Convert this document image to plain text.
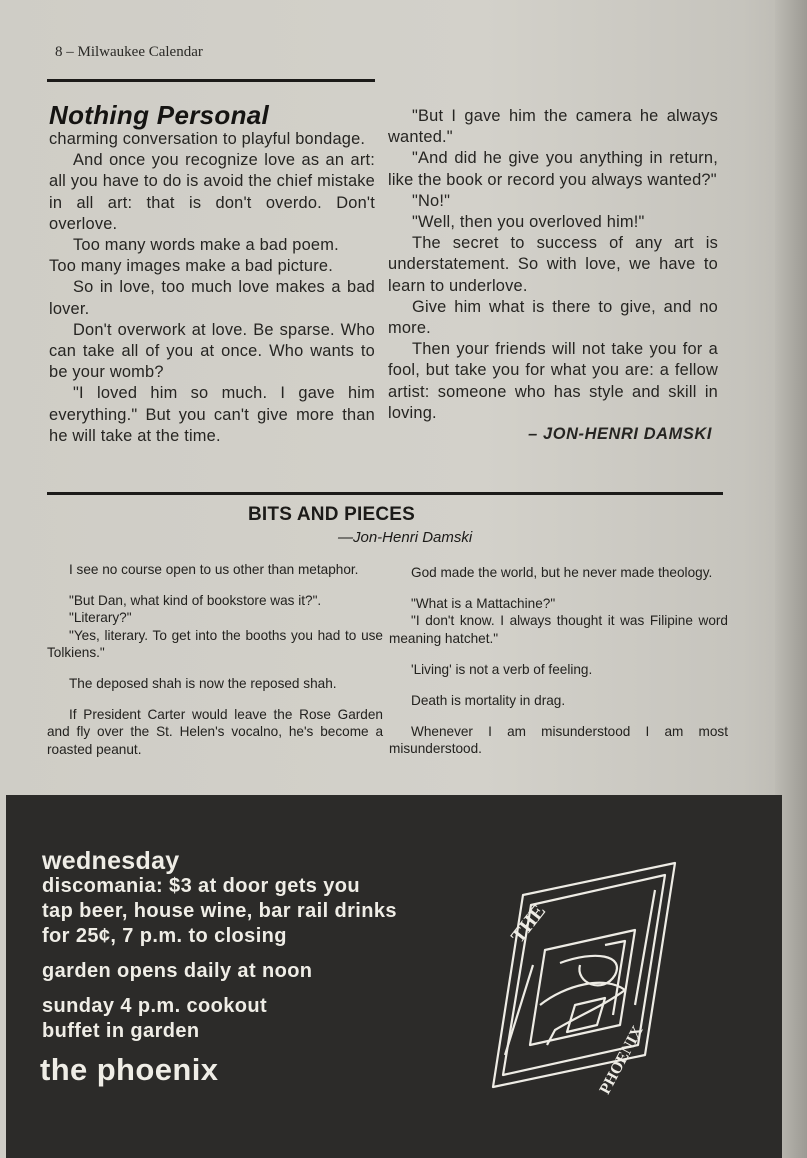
8 – Milwaukee Calendar
Nothing Personal

charming conversation to playful bondage.

And once you recognize love as an art: all you have to do is avoid the chief mistake in all art: that is don't overdo. Don't overlove.

Too many words make a bad poem.

Too many images make a bad picture.

So in love, too much love makes a bad lover.

Don't overwork at love. Be sparse. Who can take all of you at once. Who wants to be your womb?

"I loved him so much. I gave him everything." But you can't give more than he will take at the time.

"But I gave him the camera he always wanted."

"And did he give you anything in return, like the book or record you always wanted?"

"No!"

"Well, then you overloved him!"

The secret to success of any art is understatement. So with love, we have to learn to underlove.

Give him what is there to give, and no more.

Then your friends will not take you for a fool, but take you for what you are: a fellow artist: someone who has style and skill in loving.

– JON-HENRI DAMSKI

BITS AND PIECES
—Jon-Henri Damski

I see no course open to us other than metaphor.

"But Dan, what kind of bookstore was it?".

"Literary?"

"Yes, literary. To get into the booths you had to use Tolkiens."

The deposed shah is now the reposed shah.

If President Carter would leave the Rose Garden and fly over the St. Helen's vocalno, he's become a roasted peanut.

God made the world, but he never made theology.

"What is a Mattachine?"

"I don't know. I always thought it was Filipine word meaning hatchet."

'Living' is not a verb of feeling.

Death is mortality in drag.

Whenever I am misunderstood I am most misunderstood.

wednesday
discomania: $3 at door gets you
tap beer, house wine, bar rail drinks
for 25¢, 7 p.m. to closing
garden opens daily at noon
sunday 4 p.m. cookout
buffet in garden
the phoenix
THE
PHOENIX
